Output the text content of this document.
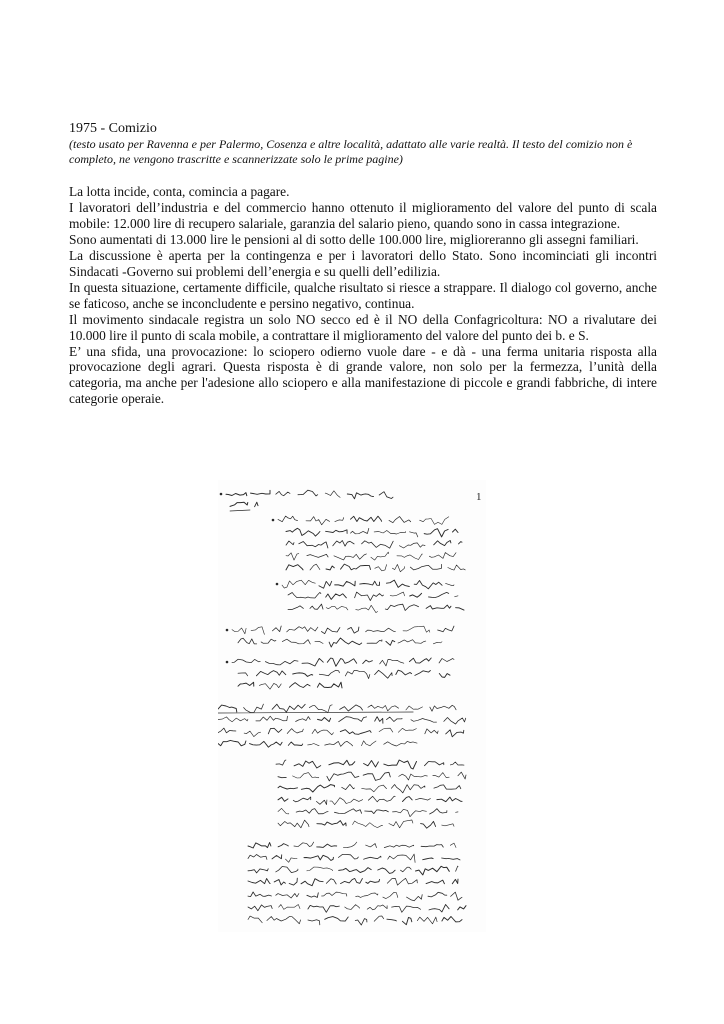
1975 - Comizio
(testo usato per Ravenna e per Palermo, Cosenza e altre località, adattato alle varie realtà. Il testo del comizio non è completo, ne vengono trascritte e scannerizzate solo le prime pagine)

La lotta incide, conta, comincia a pagare.

I lavoratori dell’industria e del commercio hanno ottenuto il miglioramento del valore del punto di scala mobile: 12.000 lire di recupero salariale, garanzia del salario pieno, quando sono in cassa integrazione.

Sono aumentati di 13.000 lire le pensioni al di sotto delle 100.000 lire, miglioreranno gli assegni familiari.

La discussione è aperta per la contingenza e per i lavoratori dello Stato. Sono incominciati gli incontri Sindacati -Governo sui problemi dell’energia e su quelli dell’edilizia.

In questa situazione, certamente difficile, qualche risultato si riesce a strappare. Il dialogo col governo, anche se faticoso, anche se inconcludente e persino negativo, continua.

Il movimento sindacale registra un solo NO secco ed è il NO della Confagricoltura: NO a rivalutare dei 10.000 lire il punto di scala mobile, a contrattare il miglioramento del valore del punto dei b. e S.

E’ una sfida, una provocazione: lo sciopero odierno vuole dare - e dà - una ferma unitaria risposta alla provocazione degli agrari. Questa risposta è di grande valore, non solo per la fermezza, l’unità della categoria, ma anche per l'adesione allo sciopero e alla manifestazione di piccole e grandi fabbriche, di intere categorie operaie.

1
